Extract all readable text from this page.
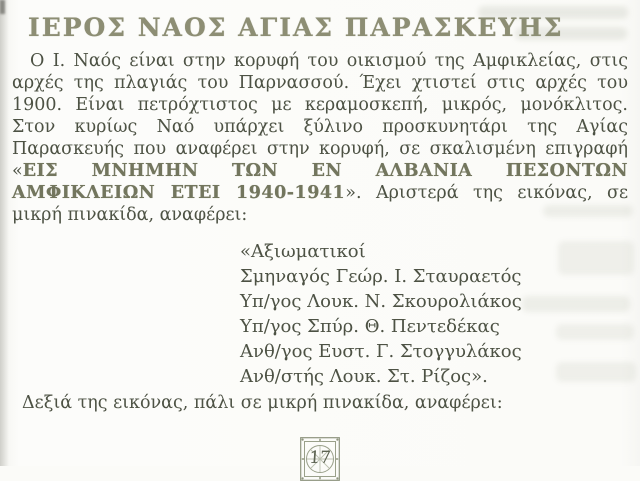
ΙΕΡΟΣ ΝΑΟΣ ΑΓΙΑΣ ΠΑΡΑΣΚΕΥΗΣ

Ο Ι. Ναός είναι στην κορυφή του οικισμού της Αμφικλείας, στις αρχές της πλαγιάς του Παρνασσού. Έχει χτιστεί στις αρχές του 1900. Είναι πετρόχτιστος με κεραμοσκεπή, μικρός, μονόκλιτος. Στον κυρίως Ναό υπάρχει ξύλινο προσκυνητάρι της Αγίας Παρασκευής που αναφέρει στην κορυφή, σε σκαλισμένη επιγραφή «ΕΙΣ ΜΝΗΜΗΝ ΤΩΝ ΕΝ ΑΛΒΑΝΙΑ ΠΕΣΟΝΤΩΝ ΑΜΦΙΚΛΕΙΩΝ ΕΤΕΙ 1940-1941». Αριστερά της εικόνας, σε μικρή πινακίδα, αναφέρει:

«Αξιωματικοί
Σμηναγός Γεώρ. Ι. Σταυραετός
Υπ/γος Λουκ. Ν. Σκουρολιάκος
Υπ/γος Σπύρ. Θ. Πεντεδέκας
Ανθ/γος Ευστ. Γ. Στογγυλάκος
Ανθ/στής Λουκ. Στ. Ρίζος».

Δεξιά της εικόνας, πάλι σε μικρή πινακίδα, αναφέρει:

17
